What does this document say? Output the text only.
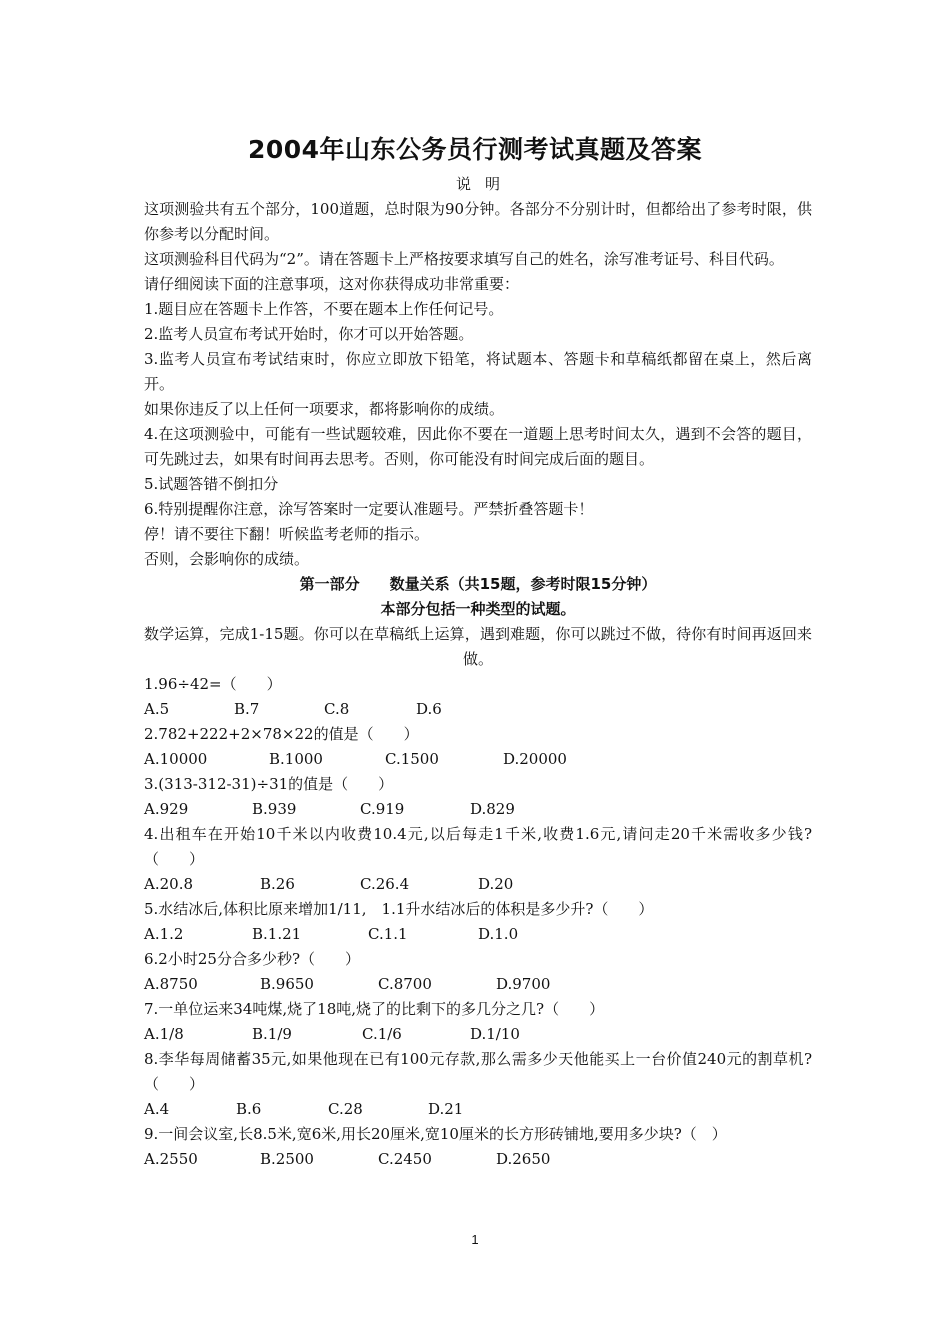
2004年山东公务员行测考试真题及答案

说明

这项测验共有五个部分，100道题，总时限为90分钟。各部分不分别计时，但都给出了参考时限，供你参考以分配时间。

这项测验科目代码为“2”。请在答题卡上严格按要求填写自己的姓名，涂写准考证号、科目代码。

请仔细阅读下面的注意事项，这对你获得成功非常重要：

1.题目应在答题卡上作答，不要在题本上作任何记号。

2.监考人员宣布考试开始时，你才可以开始答题。

3.监考人员宣布考试结束时，你应立即放下铅笔，将试题本、答题卡和草稿纸都留在桌上，然后离开。

如果你违反了以上任何一项要求，都将影响你的成绩。

4.在这项测验中，可能有一些试题较难，因此你不要在一道题上思考时间太久，遇到不会答的题目，可先跳过去，如果有时间再去思考。否则，你可能没有时间完成后面的题目。

5.试题答错不倒扣分

6.特别提醒你注意，涂写答案时一定要认准题号。严禁折叠答题卡！

停！请不要往下翻！听候监考老师的指示。

否则，会影响你的成绩。

第一部分　　数量关系（共15题，参考时限15分钟）

本部分包括一种类型的试题。

数学运算，完成1-15题。你可以在草稿纸上运算，遇到难题，你可以跳过不做，待你有时间再返回来做。

1.96÷42=（　　）

A.5	B.7	C.8	D.6

2.782+222+2×78×22的值是（　　）

A.10000	B.1000	C.1500	D.20000

3.(313-312-31)÷31的值是（　　）

A.929	B.939	C.919	D.829

4.出租车在开始10千米以内收费10.4元,以后每走1千米,收费1.6元,请问走20千米需收多少钱?（　　）

A.20.8	B.26	C.26.4	D.20

5.水结冰后,体积比原来增加1/11,　1.1升水结冰后的体积是多少升?（　　）

A.1.2	B.1.21	C.1.1	D.1.0

6.2小时25分合多少秒?（　　）

A.8750	B.9650	C.8700	D.9700

7.一单位运来34吨煤,烧了18吨,烧了的比剩下的多几分之几?（　　）

A.1/8	B.1/9	C.1/6	D.1/10

8.李华每周储蓄35元,如果他现在已有100元存款,那么需多少天他能买上一台价值240元的割草机?（　　）

A.4	B.6	C.28	D.21

9.一间会议室,长8.5米,宽6米,用长20厘米,宽10厘米的长方形砖铺地,要用多少块?（　）

A.2550	B.2500	C.2450	D.2650

1
